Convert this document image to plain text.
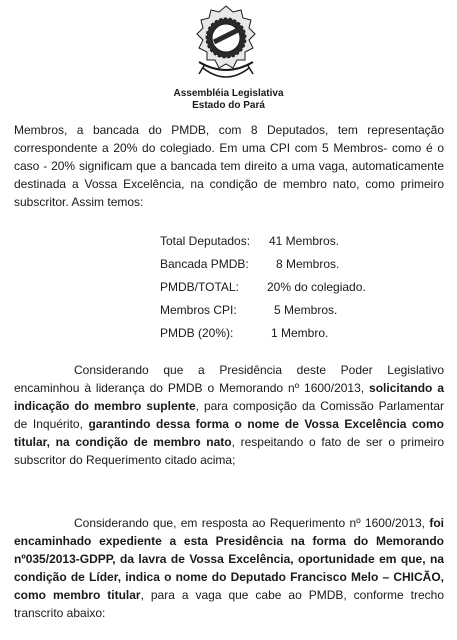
Assembléia Legislativa
Estado do Pará
Membros, a bancada do PMDB, com 8 Deputados, tem representação correspondente a 20% do colegiado. Em uma CPI com 5 Membros- como é o caso - 20% significam que a bancada tem direito a uma vaga, automaticamente destinada a Vossa Excelência, na condição de membro nato, como primeiro subscritor. Assim temos:
Total Deputados: 41 Membros.
Bancada PMDB: 8 Membros.
PMDB/TOTAL: 20% do colegiado.
Membros CPI:	5 Membros.
PMDB (20%):	1 Membro.
Considerando que a Presidência deste Poder Legislativo encaminhou à liderança do PMDB o Memorando nº 1600/2013, solicitando a indicação do membro suplente, para composição da Comissão Parlamentar de Inquérito, garantindo dessa forma o nome de Vossa Excelência como titular, na condição de membro nato, respeitando o fato de ser o primeiro subscritor do Requerimento citado acima;
Considerando que, em resposta ao Requerimento nº 1600/2013, foi encaminhado expediente a esta Presidência na forma do Memorando nº035/2013-GDPP, da lavra de Vossa Excelência, oportunidade em que, na condição de Líder, indica o nome do Deputado Francisco Melo – CHICÃO, como membro titular, para a vaga que cabe ao PMDB, conforme trecho transcrito abaixo:
